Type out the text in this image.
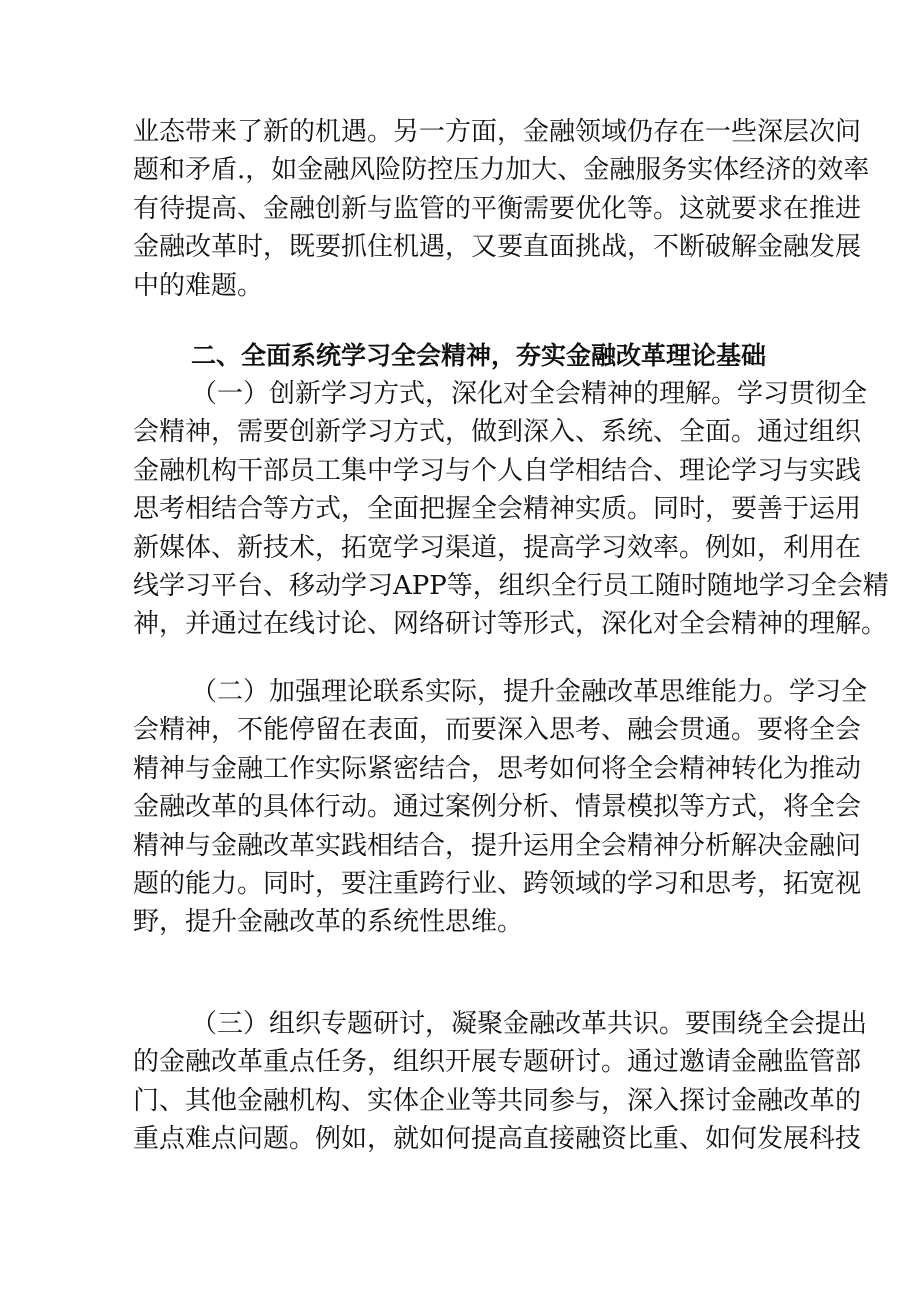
业态带来了新的机遇。另一方面，金融领域仍存在一些深层次问
题和矛盾.，如金融风险防控压力加大、金融服务实体经济的效率
有待提高、金融创新与监管的平衡需要优化等。这就要求在推进
金融改革时，既要抓住机遇，又要直面挑战，不断破解金融发展
中的难题。
二、全面系统学习全会精神，夯实金融改革理论基础
（一）创新学习方式，深化对全会精神的理解。学习贯彻全
会精神，需要创新学习方式，做到深入、系统、全面。通过组织
金融机构干部员工集中学习与个人自学相结合、理论学习与实践
思考相结合等方式，全面把握全会精神实质。同时，要善于运用
新媒体、新技术，拓宽学习渠道，提高学习效率。例如，利用在
线学习平台、移动学习APP等，组织全行员工随时随地学习全会精
神，并通过在线讨论、网络研讨等形式，深化对全会精神的理解。
（二）加强理论联系实际，提升金融改革思维能力。学习全
会精神，不能停留在表面，而要深入思考、融会贯通。要将全会
精神与金融工作实际紧密结合，思考如何将全会精神转化为推动
金融改革的具体行动。通过案例分析、情景模拟等方式，将全会
精神与金融改革实践相结合，提升运用全会精神分析解决金融问
题的能力。同时，要注重跨行业、跨领域的学习和思考，拓宽视
野，提升金融改革的系统性思维。
（三）组织专题研讨，凝聚金融改革共识。要围绕全会提出
的金融改革重点任务，组织开展专题研讨。通过邀请金融监管部
门、其他金融机构、实体企业等共同参与，深入探讨金融改革的
重点难点问题。例如，就如何提高直接融资比重、如何发展科技
